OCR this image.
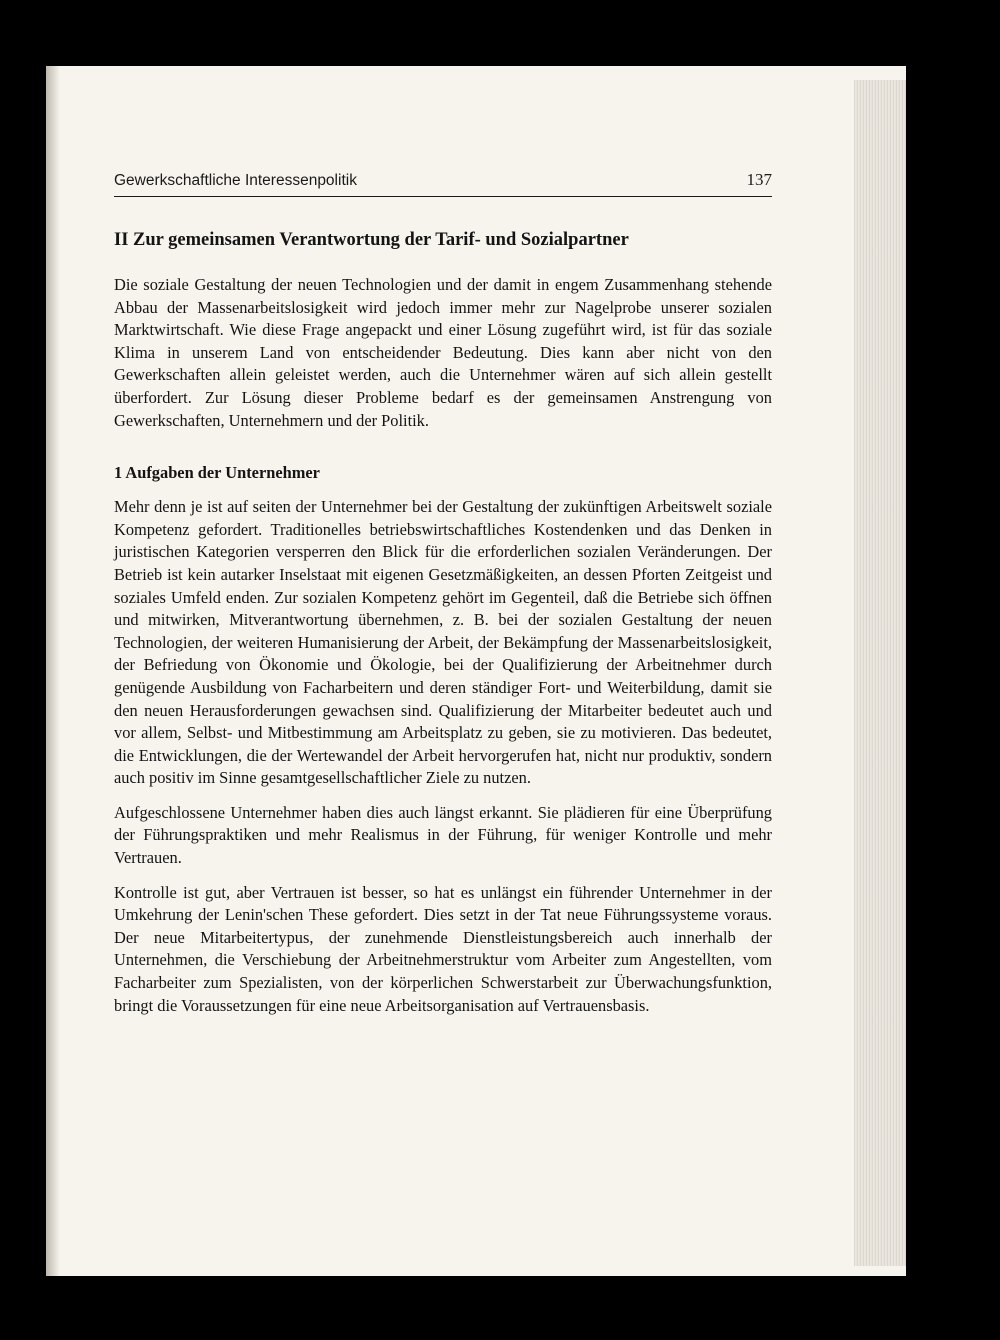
Gewerkschaftliche Interessenpolitik	137
II Zur gemeinsamen Verantwortung der Tarif- und Sozialpartner

Die soziale Gestaltung der neuen Technologien und der damit in engem Zusammenhang stehende Abbau der Massenarbeitslosigkeit wird jedoch immer mehr zur Nagelprobe unserer sozialen Marktwirtschaft. Wie diese Frage angepackt und einer Lösung zugeführt wird, ist für das soziale Klima in unserem Land von entscheidender Bedeutung. Dies kann aber nicht von den Gewerkschaften allein geleistet werden, auch die Unternehmer wären auf sich allein gestellt überfordert. Zur Lösung dieser Probleme bedarf es der gemeinsamen Anstrengung von Gewerkschaften, Unternehmern und der Politik.

1 Aufgaben der Unternehmer

Mehr denn je ist auf seiten der Unternehmer bei der Gestaltung der zukünftigen Arbeitswelt soziale Kompetenz gefordert. Traditionelles betriebswirtschaftliches Kostendenken und das Denken in juristischen Kategorien versperren den Blick für die erforderlichen sozialen Veränderungen. Der Betrieb ist kein autarker Inselstaat mit eigenen Gesetzmäßigkeiten, an dessen Pforten Zeitgeist und soziales Umfeld enden. Zur sozialen Kompetenz gehört im Gegenteil, daß die Betriebe sich öffnen und mitwirken, Mitverantwortung übernehmen, z. B. bei der sozialen Gestaltung der neuen Technologien, der weiteren Humanisierung der Arbeit, der Bekämpfung der Massenarbeitslosigkeit, der Befriedung von Ökonomie und Ökologie, bei der Qualifizierung der Arbeitnehmer durch genügende Ausbildung von Facharbeitern und deren ständiger Fort- und Weiterbildung, damit sie den neuen Herausforderungen gewachsen sind. Qualifizierung der Mitarbeiter bedeutet auch und vor allem, Selbst- und Mitbestimmung am Arbeitsplatz zu geben, sie zu motivieren. Das bedeutet, die Entwicklungen, die der Wertewandel der Arbeit hervorgerufen hat, nicht nur produktiv, sondern auch positiv im Sinne gesamtgesellschaftlicher Ziele zu nutzen.

Aufgeschlossene Unternehmer haben dies auch längst erkannt. Sie plädieren für eine Überprüfung der Führungspraktiken und mehr Realismus in der Führung, für weniger Kontrolle und mehr Vertrauen.

Kontrolle ist gut, aber Vertrauen ist besser, so hat es unlängst ein führender Unternehmer in der Umkehrung der Lenin'schen These gefordert. Dies setzt in der Tat neue Führungssysteme voraus. Der neue Mitarbeitertypus, der zunehmende Dienstleistungsbereich auch innerhalb der Unternehmen, die Verschiebung der Arbeitnehmerstruktur vom Arbeiter zum Angestellten, vom Facharbeiter zum Spezialisten, von der körperlichen Schwerstarbeit zur Überwachungsfunktion, bringt die Voraussetzungen für eine neue Arbeitsorganisation auf Vertrauensbasis.
